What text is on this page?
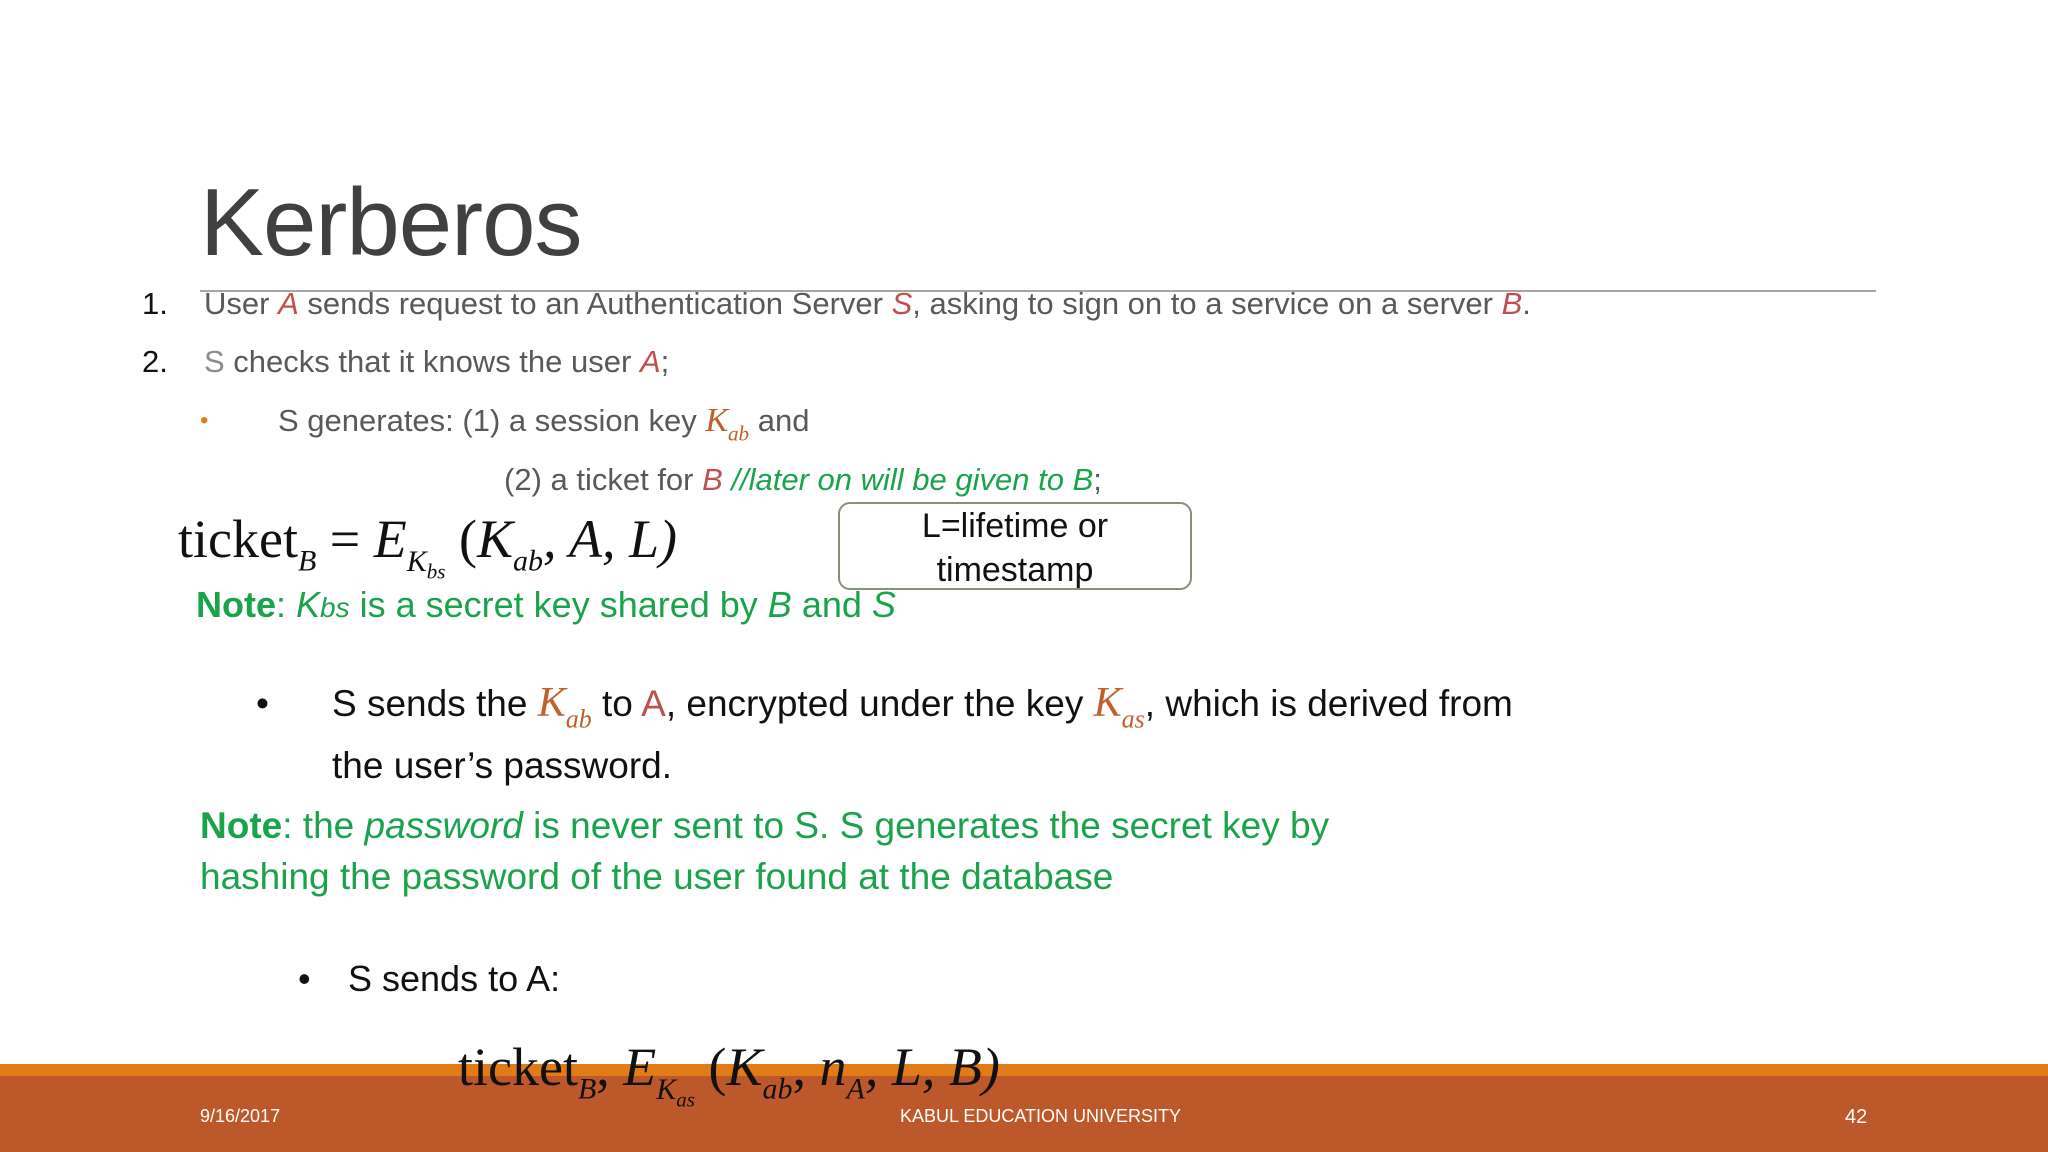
Kerberos
1. User A sends request to an Authentication Server S, asking to sign on to a service on a server B.
2. S checks that it knows the user A;
• S generates: (1) a session key $K_{ab}$ and
(2) a ticket for B //later on will be given to B;
ticket$_B$ = $E_{K_{bs}}$ ($K_{ab}$, A, L)	L=lifetime or timestamp
Note: Kbs is a secret key shared by B and S
• S sends the $K_{ab}$ to A, encrypted under the key $K_{as}$, which is derived from
the user’s password.
Note: the password is never sent to S. S generates the secret key by
hashing the password of the user found at the database
• S sends to A:
ticket$_B$, $E_{K_{as}}$ ($K_{ab}$, $n_A$, L, B)
9/16/2017	KABUL EDUCATION UNIVERSITY	42
